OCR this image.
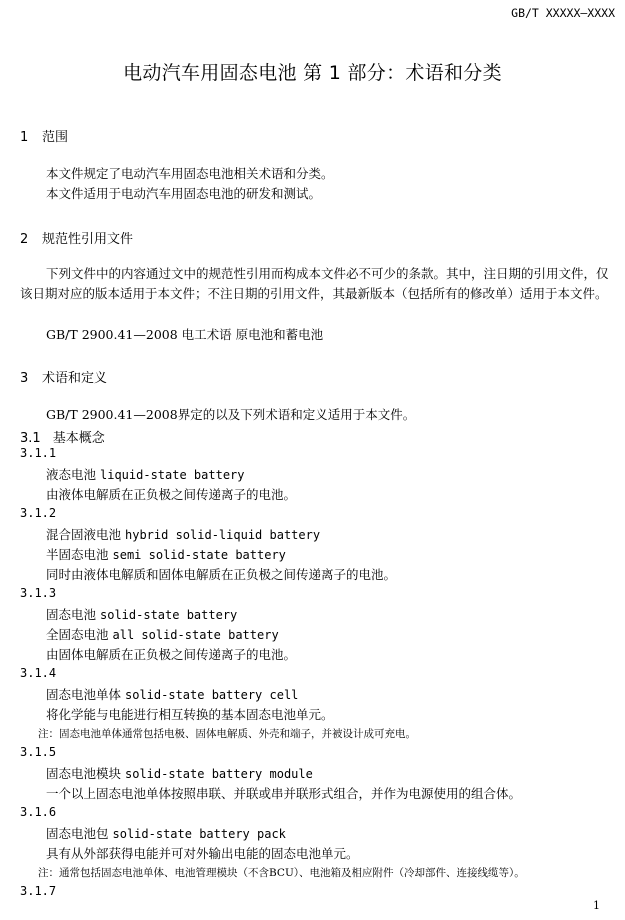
GB/T XXXXX—XXXX
电动汽车用固态电池 第 1 部分：术语和分类
1 范围
本文件规定了电动汽车用固态电池相关术语和分类。
本文件适用于电动汽车用固态电池的研发和测试。
2 规范性引用文件
下列文件中的内容通过文中的规范性引用而构成本文件必不可少的条款。其中，注日期的引用文件，仅该日期对应的版本适用于本文件；不注日期的引用文件，其最新版本（包括所有的修改单）适用于本文件。
GB/T 2900.41—2008 电工术语 原电池和蓄电池
3 术语和定义
GB/T 2900.41—2008界定的以及下列术语和定义适用于本文件。
3.1 基本概念
3.1.1
液态电池 liquid-state battery
由液体电解质在正负极之间传递离子的电池。
3.1.2
混合固液电池 hybrid solid-liquid battery
半固态电池 semi solid-state battery
同时由液体电解质和固体电解质在正负极之间传递离子的电池。
3.1.3
固态电池 solid-state battery
全固态电池 all solid-state battery
由固体电解质在正负极之间传递离子的电池。
3.1.4
固态电池单体 solid-state battery cell
将化学能与电能进行相互转换的基本固态电池单元。
注：固态电池单体通常包括电极、固体电解质、外壳和端子，并被设计成可充电。
3.1.5
固态电池模块 solid-state battery module
一个以上固态电池单体按照串联、并联或串并联形式组合，并作为电源使用的组合体。
3.1.6
固态电池包 solid-state battery pack
具有从外部获得电能并可对外输出电能的固态电池单元。
注：通常包括固态电池单体、电池管理模块（不含BCU）、电池箱及相应附件（冷却部件、连接线缆等）。
3.1.7
1
